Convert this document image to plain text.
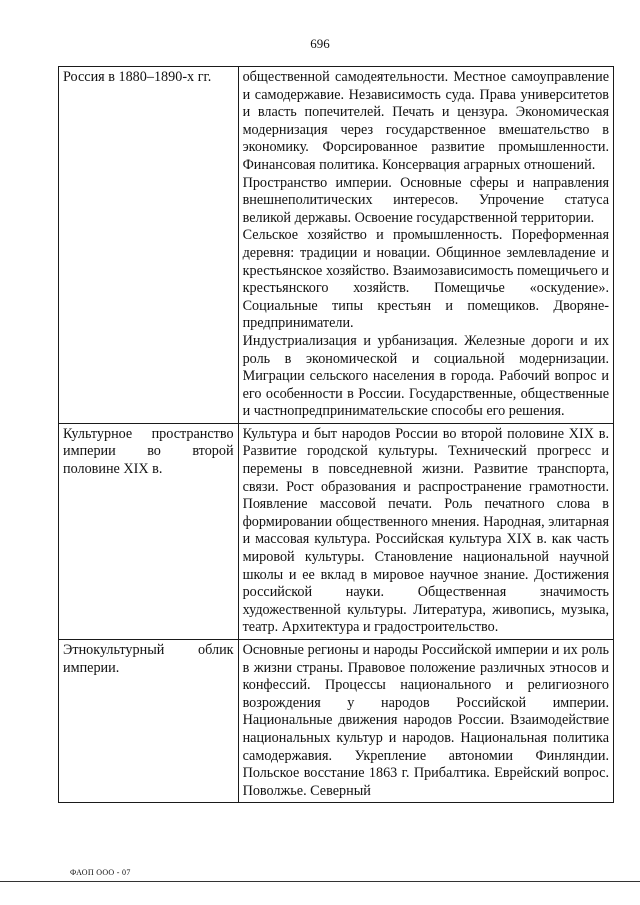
696
Россия в 1880–1890-х гг.	общественной самодеятельности. Местное самоуправление и самодержавие. Независимость суда. Права университетов и власть попечителей. Печать и цензура. Экономическая модернизация через государственное вмешательство в экономику. Форсированное развитие промышленности. Финансовая политика. Консервация аграрных отношений.
Пространство империи. Основные сферы и направления внешнеполитических интересов. Упрочение статуса великой державы. Освоение государственной территории.
Сельское хозяйство и промышленность. Пореформенная деревня: традиции и новации. Общинное землевладение и крестьянское хозяйство. Взаимозависимость помещичьего и крестьянского хозяйств. Помещичье «оскудение». Социальные типы крестьян и помещиков. Дворяне-предприниматели.
Индустриализация и урбанизация. Железные дороги и их роль в экономической и социальной модернизации. Миграции сельского населения в города. Рабочий вопрос и его особенности в России. Государственные, общественные и частнопредпринимательские способы его решения.

Культурное пространство империи во второй половине XIX в.	Культура и быт народов России во второй половине XIX в. Развитие городской культуры. Технический прогресс и перемены в повседневной жизни. Развитие транспорта, связи. Рост образования и распространение грамотности. Появление массовой печати. Роль печатного слова в формировании общественного мнения. Народная, элитарная и массовая культура. Российская культура XIX в. как часть мировой культуры. Становление национальной научной школы и ее вклад в мировое научное знание. Достижения российской науки. Общественная значимость художественной культуры. Литература, живопись, музыка, театр. Архитектура и градостроительство.

Этнокультурный облик империи.	Основные регионы и народы Российской империи и их роль в жизни страны. Правовое положение различных этносов и конфессий. Процессы национального и религиозного возрождения у народов Российской империи. Национальные движения народов России. Взаимодействие национальных культур и народов. Национальная политика самодержавия. Укрепление автономии Финляндии. Польское восстание 1863 г. Прибалтика. Еврейский вопрос. Поволжье. Северный
ФАОП ООО - 07
